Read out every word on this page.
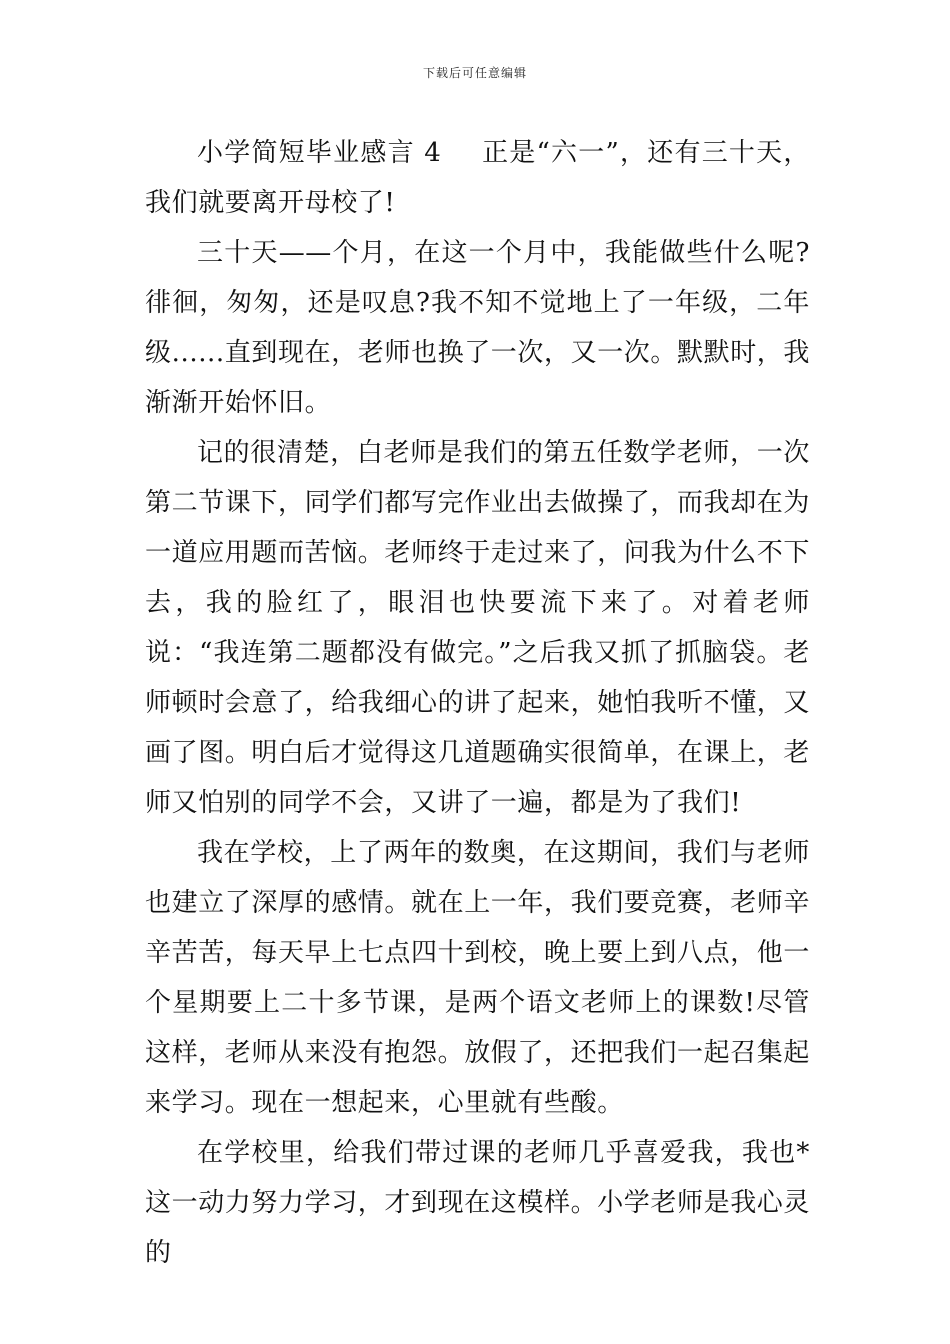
下载后可任意编辑

小学简短毕业感言 4 正是“六一”，还有三十天，我们就要离开母校了!

三十天——个月，在这一个月中，我能做些什么呢?徘徊，匆匆，还是叹息?我不知不觉地上了一年级，二年级......直到现在，老师也换了一次，又一次。默默时，我渐渐开始怀旧。

记的很清楚，白老师是我们的第五任数学老师，一次第二节课下，同学们都写完作业出去做操了，而我却在为一道应用题而苦恼。老师终于走过来了，问我为什么不下去，我的脸红了，眼泪也快要流下来了。对着老师说：“我连第二题都没有做完。”之后我又抓了抓脑袋。老师顿时会意了，给我细心的讲了起来，她怕我听不懂，又画了图。明白后才觉得这几道题确实很简单，在课上，老师又怕别的同学不会，又讲了一遍，都是为了我们!

我在学校，上了两年的数奥，在这期间，我们与老师也建立了深厚的感情。就在上一年，我们要竞赛，老师辛辛苦苦，每天早上七点四十到校，晚上要上到八点，他一个星期要上二十多节课，是两个语文老师上的课数!尽管这样，老师从来没有抱怨。放假了，还把我们一起召集起来学习。现在一想起来，心里就有些酸。

在学校里，给我们带过课的老师几乎喜爱我，我也*这一动力努力学习，才到现在这模样。小学老师是我心灵的
